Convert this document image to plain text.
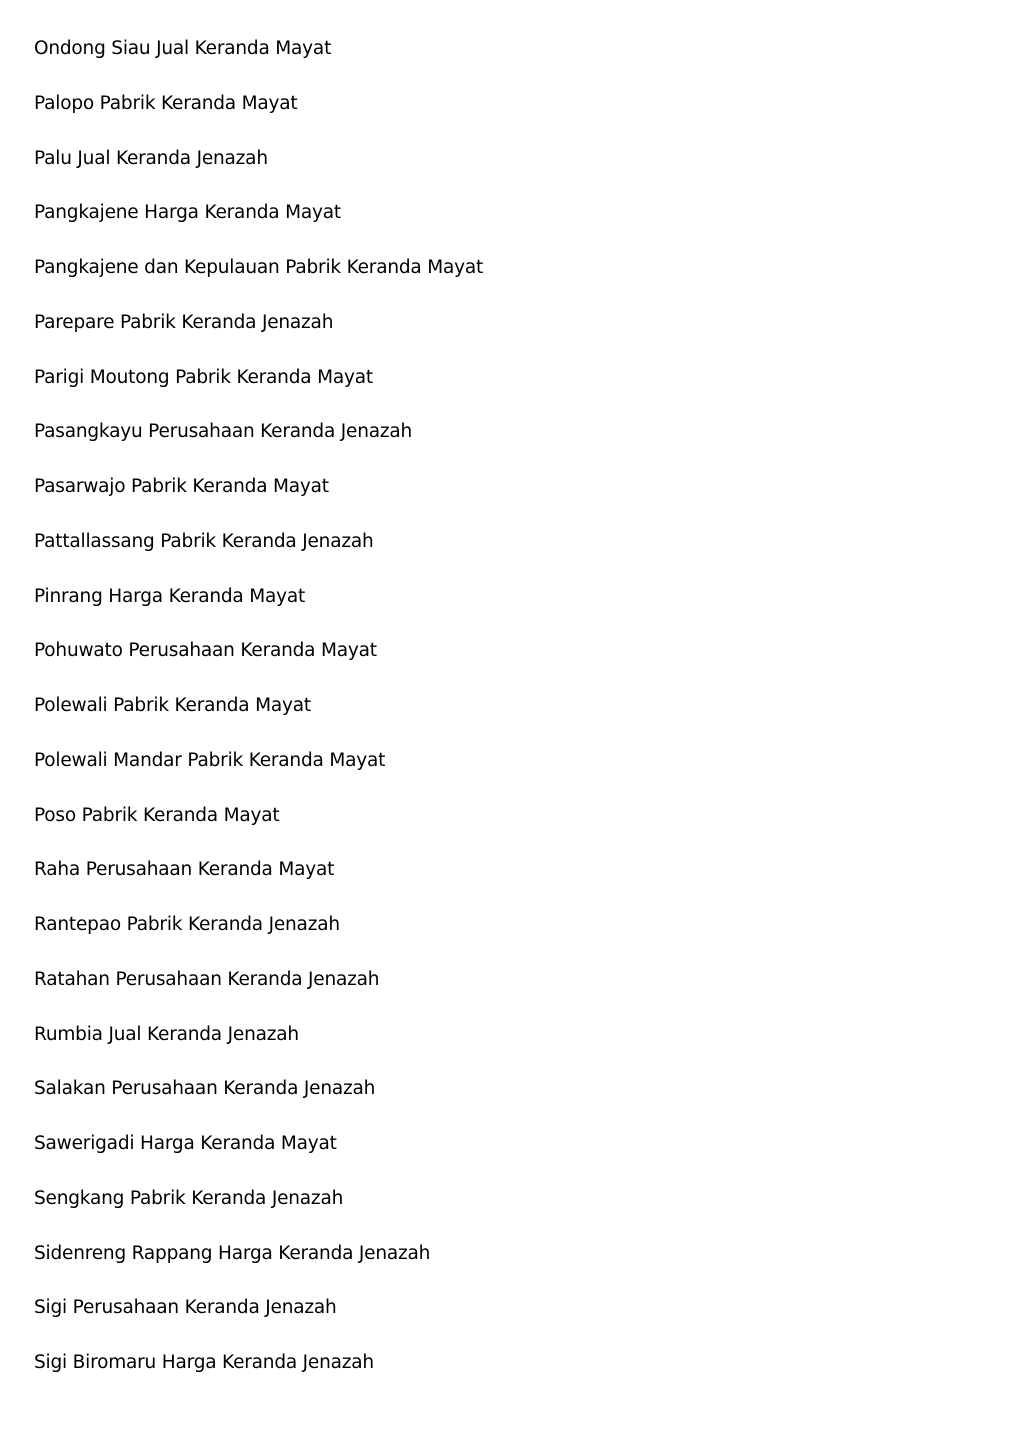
Ondong Siau Jual Keranda Mayat
Palopo Pabrik Keranda Mayat
Palu Jual Keranda Jenazah
Pangkajene Harga Keranda Mayat
Pangkajene dan Kepulauan Pabrik Keranda Mayat
Parepare Pabrik Keranda Jenazah
Parigi Moutong Pabrik Keranda Mayat
Pasangkayu Perusahaan Keranda Jenazah
Pasarwajo Pabrik Keranda Mayat
Pattallassang Pabrik Keranda Jenazah
Pinrang Harga Keranda Mayat
Pohuwato Perusahaan Keranda Mayat
Polewali Pabrik Keranda Mayat
Polewali Mandar Pabrik Keranda Mayat
Poso Pabrik Keranda Mayat
Raha Perusahaan Keranda Mayat
Rantepao Pabrik Keranda Jenazah
Ratahan Perusahaan Keranda Jenazah
Rumbia Jual Keranda Jenazah
Salakan Perusahaan Keranda Jenazah
Sawerigadi Harga Keranda Mayat
Sengkang Pabrik Keranda Jenazah
Sidenreng Rappang Harga Keranda Jenazah
Sigi Perusahaan Keranda Jenazah
Sigi Biromaru Harga Keranda Jenazah
